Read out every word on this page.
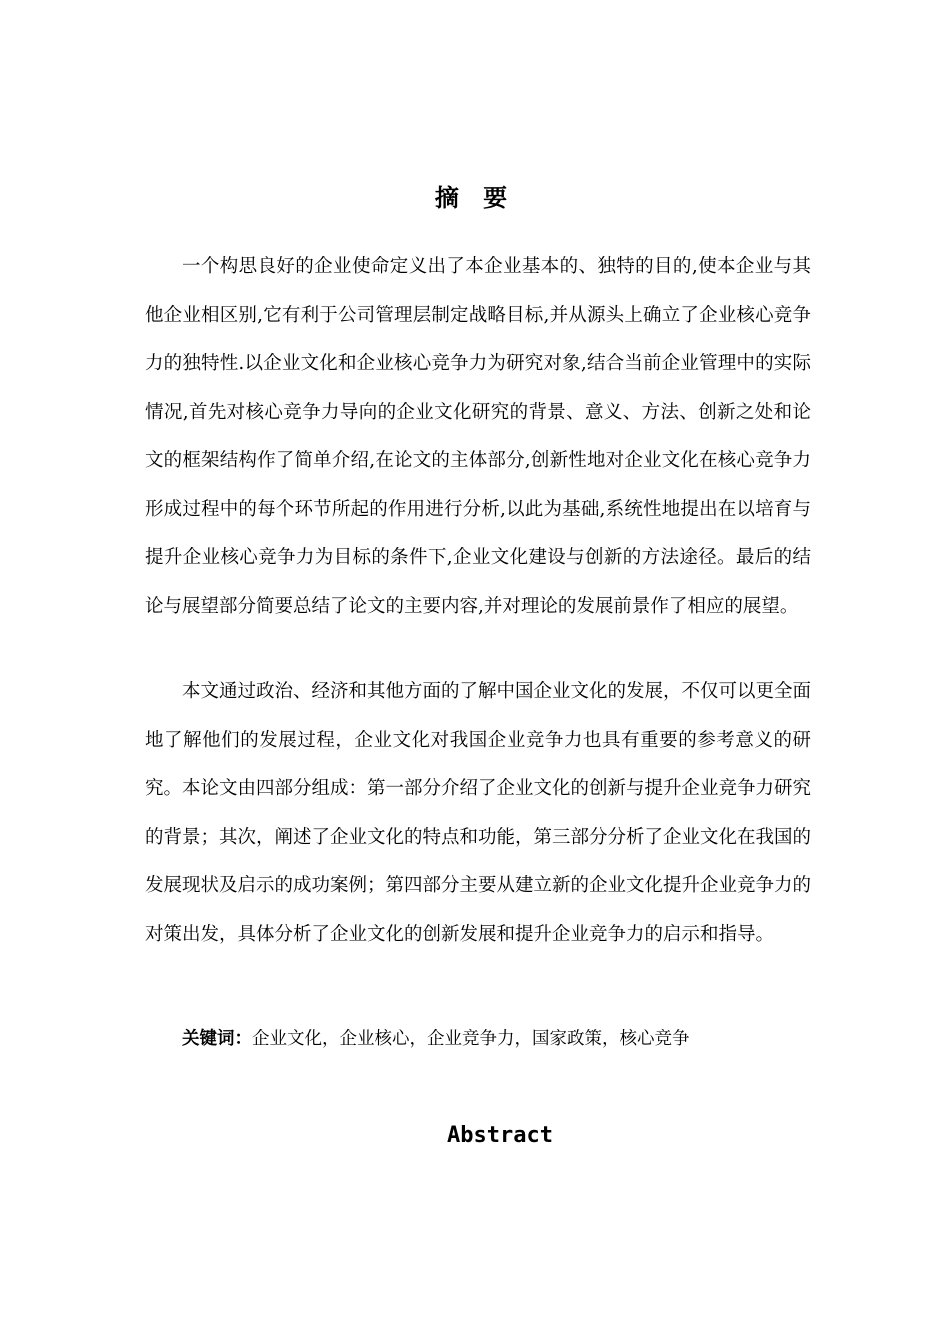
摘 要

一个构思良好的企业使命定义出了本企业基本的、独特的目的,使本企业与其他企业相区别,它有利于公司管理层制定战略目标,并从源头上确立了企业核心竞争力的独特性.以企业文化和企业核心竞争力为研究对象,结合当前企业管理中的实际情况,首先对核心竞争力导向的企业文化研究的背景、意义、方法、创新之处和论文的框架结构作了简单介绍,在论文的主体部分,创新性地对企业文化在核心竞争力形成过程中的每个环节所起的作用进行分析,以此为基础,系统性地提出在以培育与提升企业核心竞争力为目标的条件下,企业文化建设与创新的方法途径。最后的结论与展望部分简要总结了论文的主要内容,并对理论的发展前景作了相应的展望。

本文通过政治、经济和其他方面的了解中国企业文化的发展，不仅可以更全面地了解他们的发展过程，企业文化对我国企业竞争力也具有重要的参考意义的研究。本论文由四部分组成：第一部分介绍了企业文化的创新与提升企业竞争力研究的背景；其次，阐述了企业文化的特点和功能，第三部分分析了企业文化在我国的发展现状及启示的成功案例；第四部分主要从建立新的企业文化提升企业竞争力的对策出发，具体分析了企业文化的创新发展和提升企业竞争力的启示和指导。

关键词：企业文化，企业核心，企业竞争力，国家政策，核心竞争
Abstract
